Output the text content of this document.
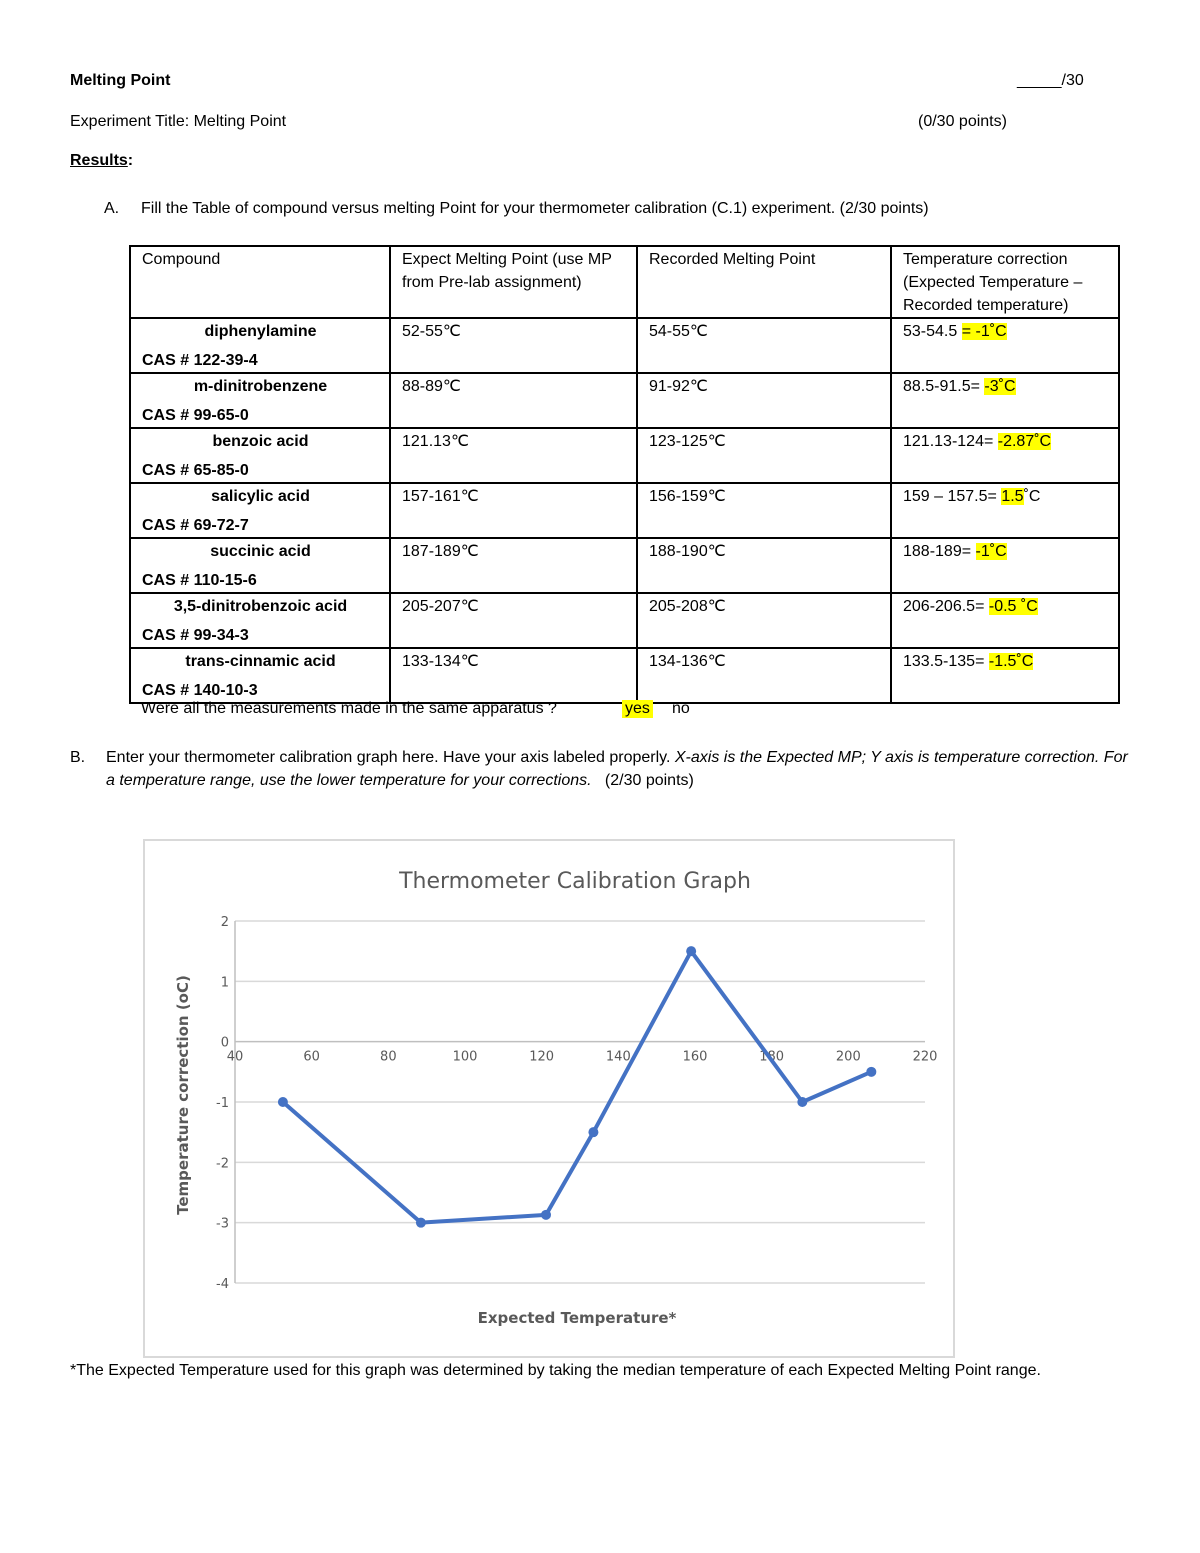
Melting Point	_____/30
Experiment Title: Melting Point	(0/30 points)
Results:
A. Fill the Table of compound versus melting Point for your thermometer calibration (C.1) experiment. (2/30 points)
Compound	Expect Melting Point (use MP from Pre-lab assignment)	Recorded Melting Point	Temperature correction (Expected Temperature – Recorded temperature)

diphenylamine
CAS # 122-39-4	52-55℃	54-55℃	53-54.5 = -1˚C

m-dinitrobenzene
CAS # 99-65-0	88-89℃	91-92℃	88.5-91.5= -3˚C

benzoic acid
CAS # 65-85-0	121.13℃	123-125℃	121.13-124= -2.87˚C

salicylic acid
CAS # 69-72-7	157-161℃	156-159℃	159 – 157.5= 1.5˚C

succinic acid
CAS # 110-15-6	187-189℃	188-190℃	188-189= -1˚C

3,5-dinitrobenzoic acid
CAS # 99-34-3	205-207℃	205-208℃	206-206.5= -0.5 ˚C

trans-cinnamic acid
CAS # 140-10-3	133-134℃	134-136℃	133.5-135= -1.5˚C
Were all the measurements made in the same apparatus ?	yes no
B. Enter your thermometer calibration graph here. Have your axis labeled properly. X-axis is the Expected MP; Y axis is temperature correction. For a temperature range, use the lower temperature for your corrections.   (2/30 points)
Thermometer Calibration Graph
2
1
0
-1
-2
-3
-4
40	60	80	100	120	140	160	180	200	220
Expected Temperature*
Temperature correction (oC)
*The Expected Temperature used for this graph was determined by taking the median temperature of each Expected Melting Point range.
